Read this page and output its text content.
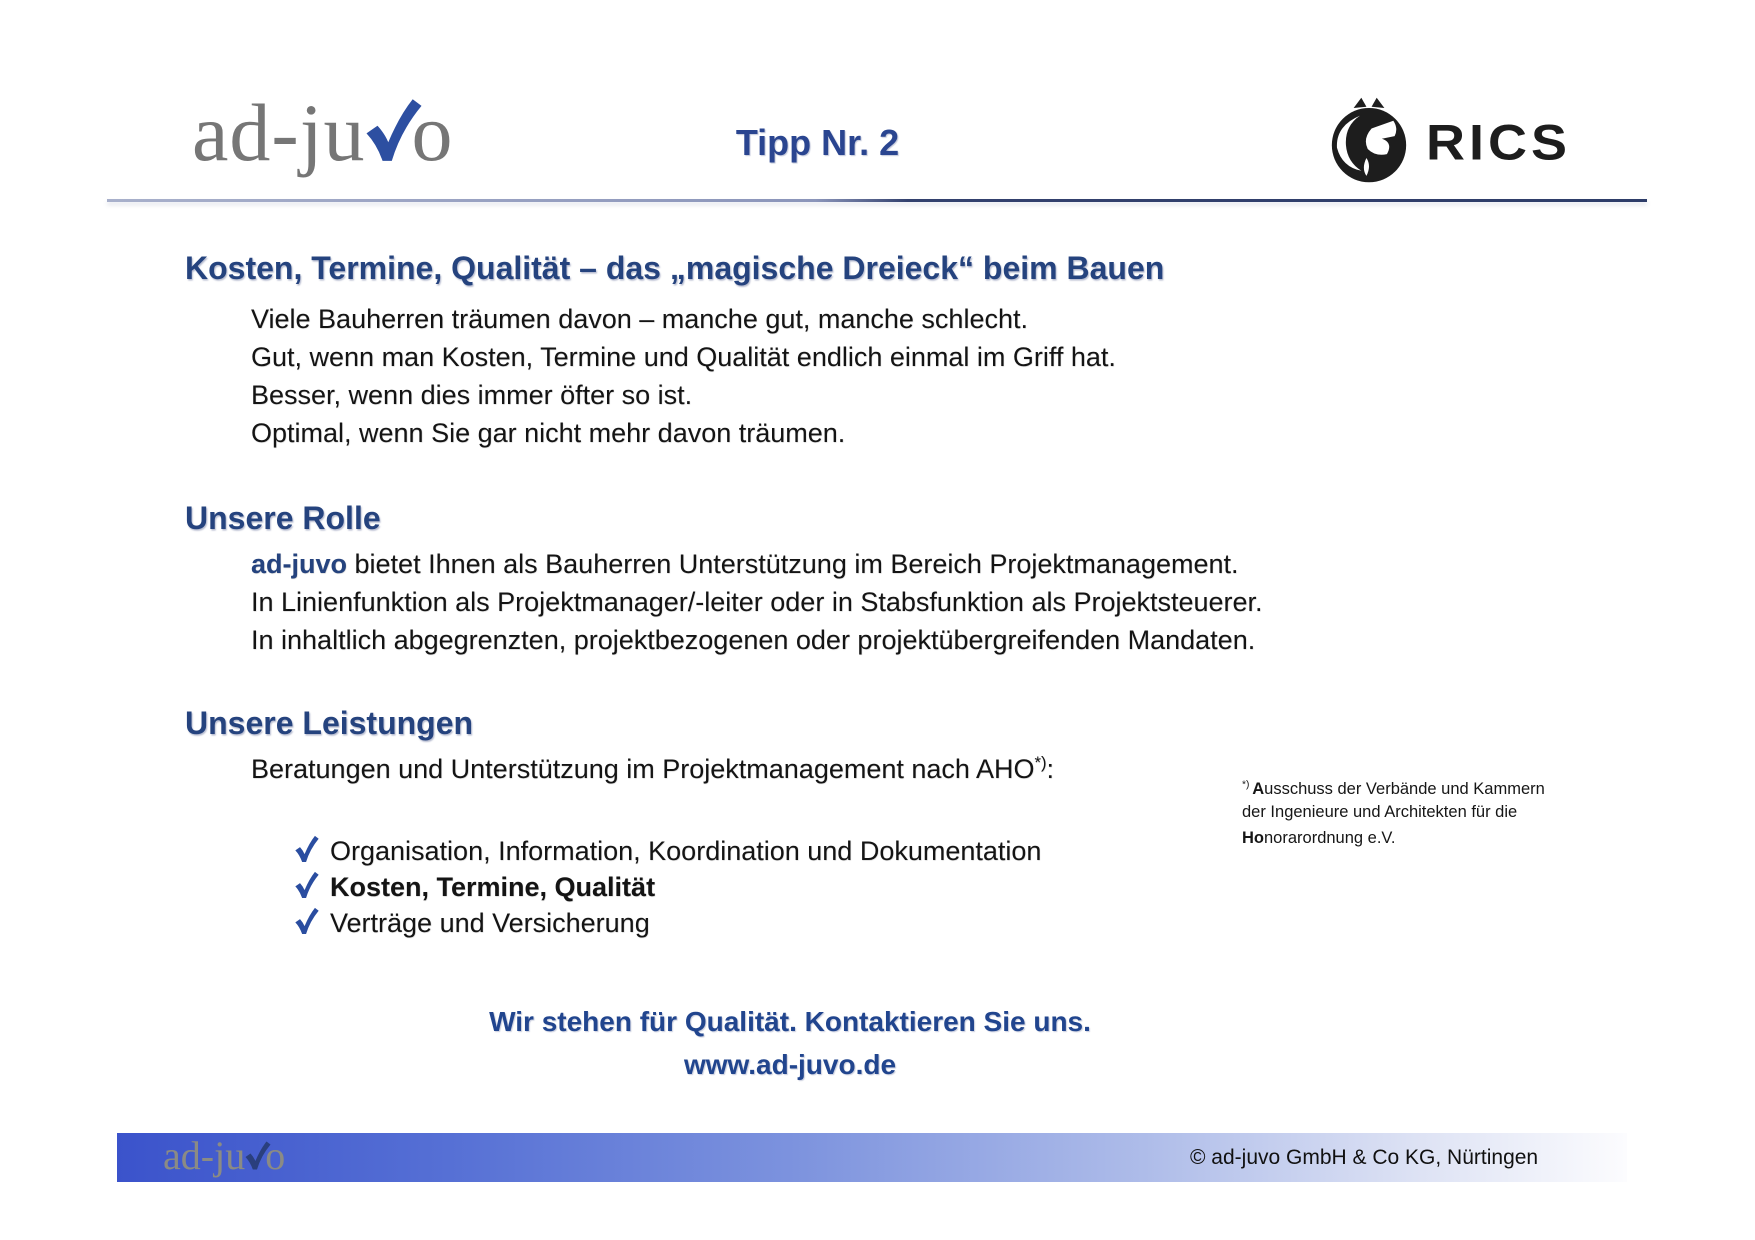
ad-ju o	Tipp Nr. 2	RICS
Kosten, Termine, Qualität – das „magische Dreieck“ beim Bauen
Viele Bauherren träumen davon – manche gut, manche schlecht.
Gut, wenn man Kosten, Termine und Qualität endlich einmal im Griff hat.
Besser, wenn dies immer öfter so ist.
Optimal, wenn Sie gar nicht mehr davon träumen.
Unsere Rolle
ad-juvo bietet Ihnen als Bauherren Unterstützung im Bereich Projektmanagement.
In Linienfunktion als Projektmanager/-leiter oder in Stabsfunktion als Projektsteuerer.
In inhaltlich abgegrenzten, projektbezogenen oder projektübergreifenden Mandaten.
Unsere Leistungen
Beratungen und Unterstützung im Projektmanagement nach AHO*):
*) Ausschuss der Verbände und Kammern
der Ingenieure und Architekten für die
Honorarordnung e.V.
Organisation, Information, Koordination und Dokumentation
Kosten, Termine, Qualität
Verträge und Versicherung
Wir stehen für Qualität. Kontaktieren Sie uns.
www.ad-juvo.de
ad-ju o	© ad-juvo GmbH & Co KG, Nürtingen
